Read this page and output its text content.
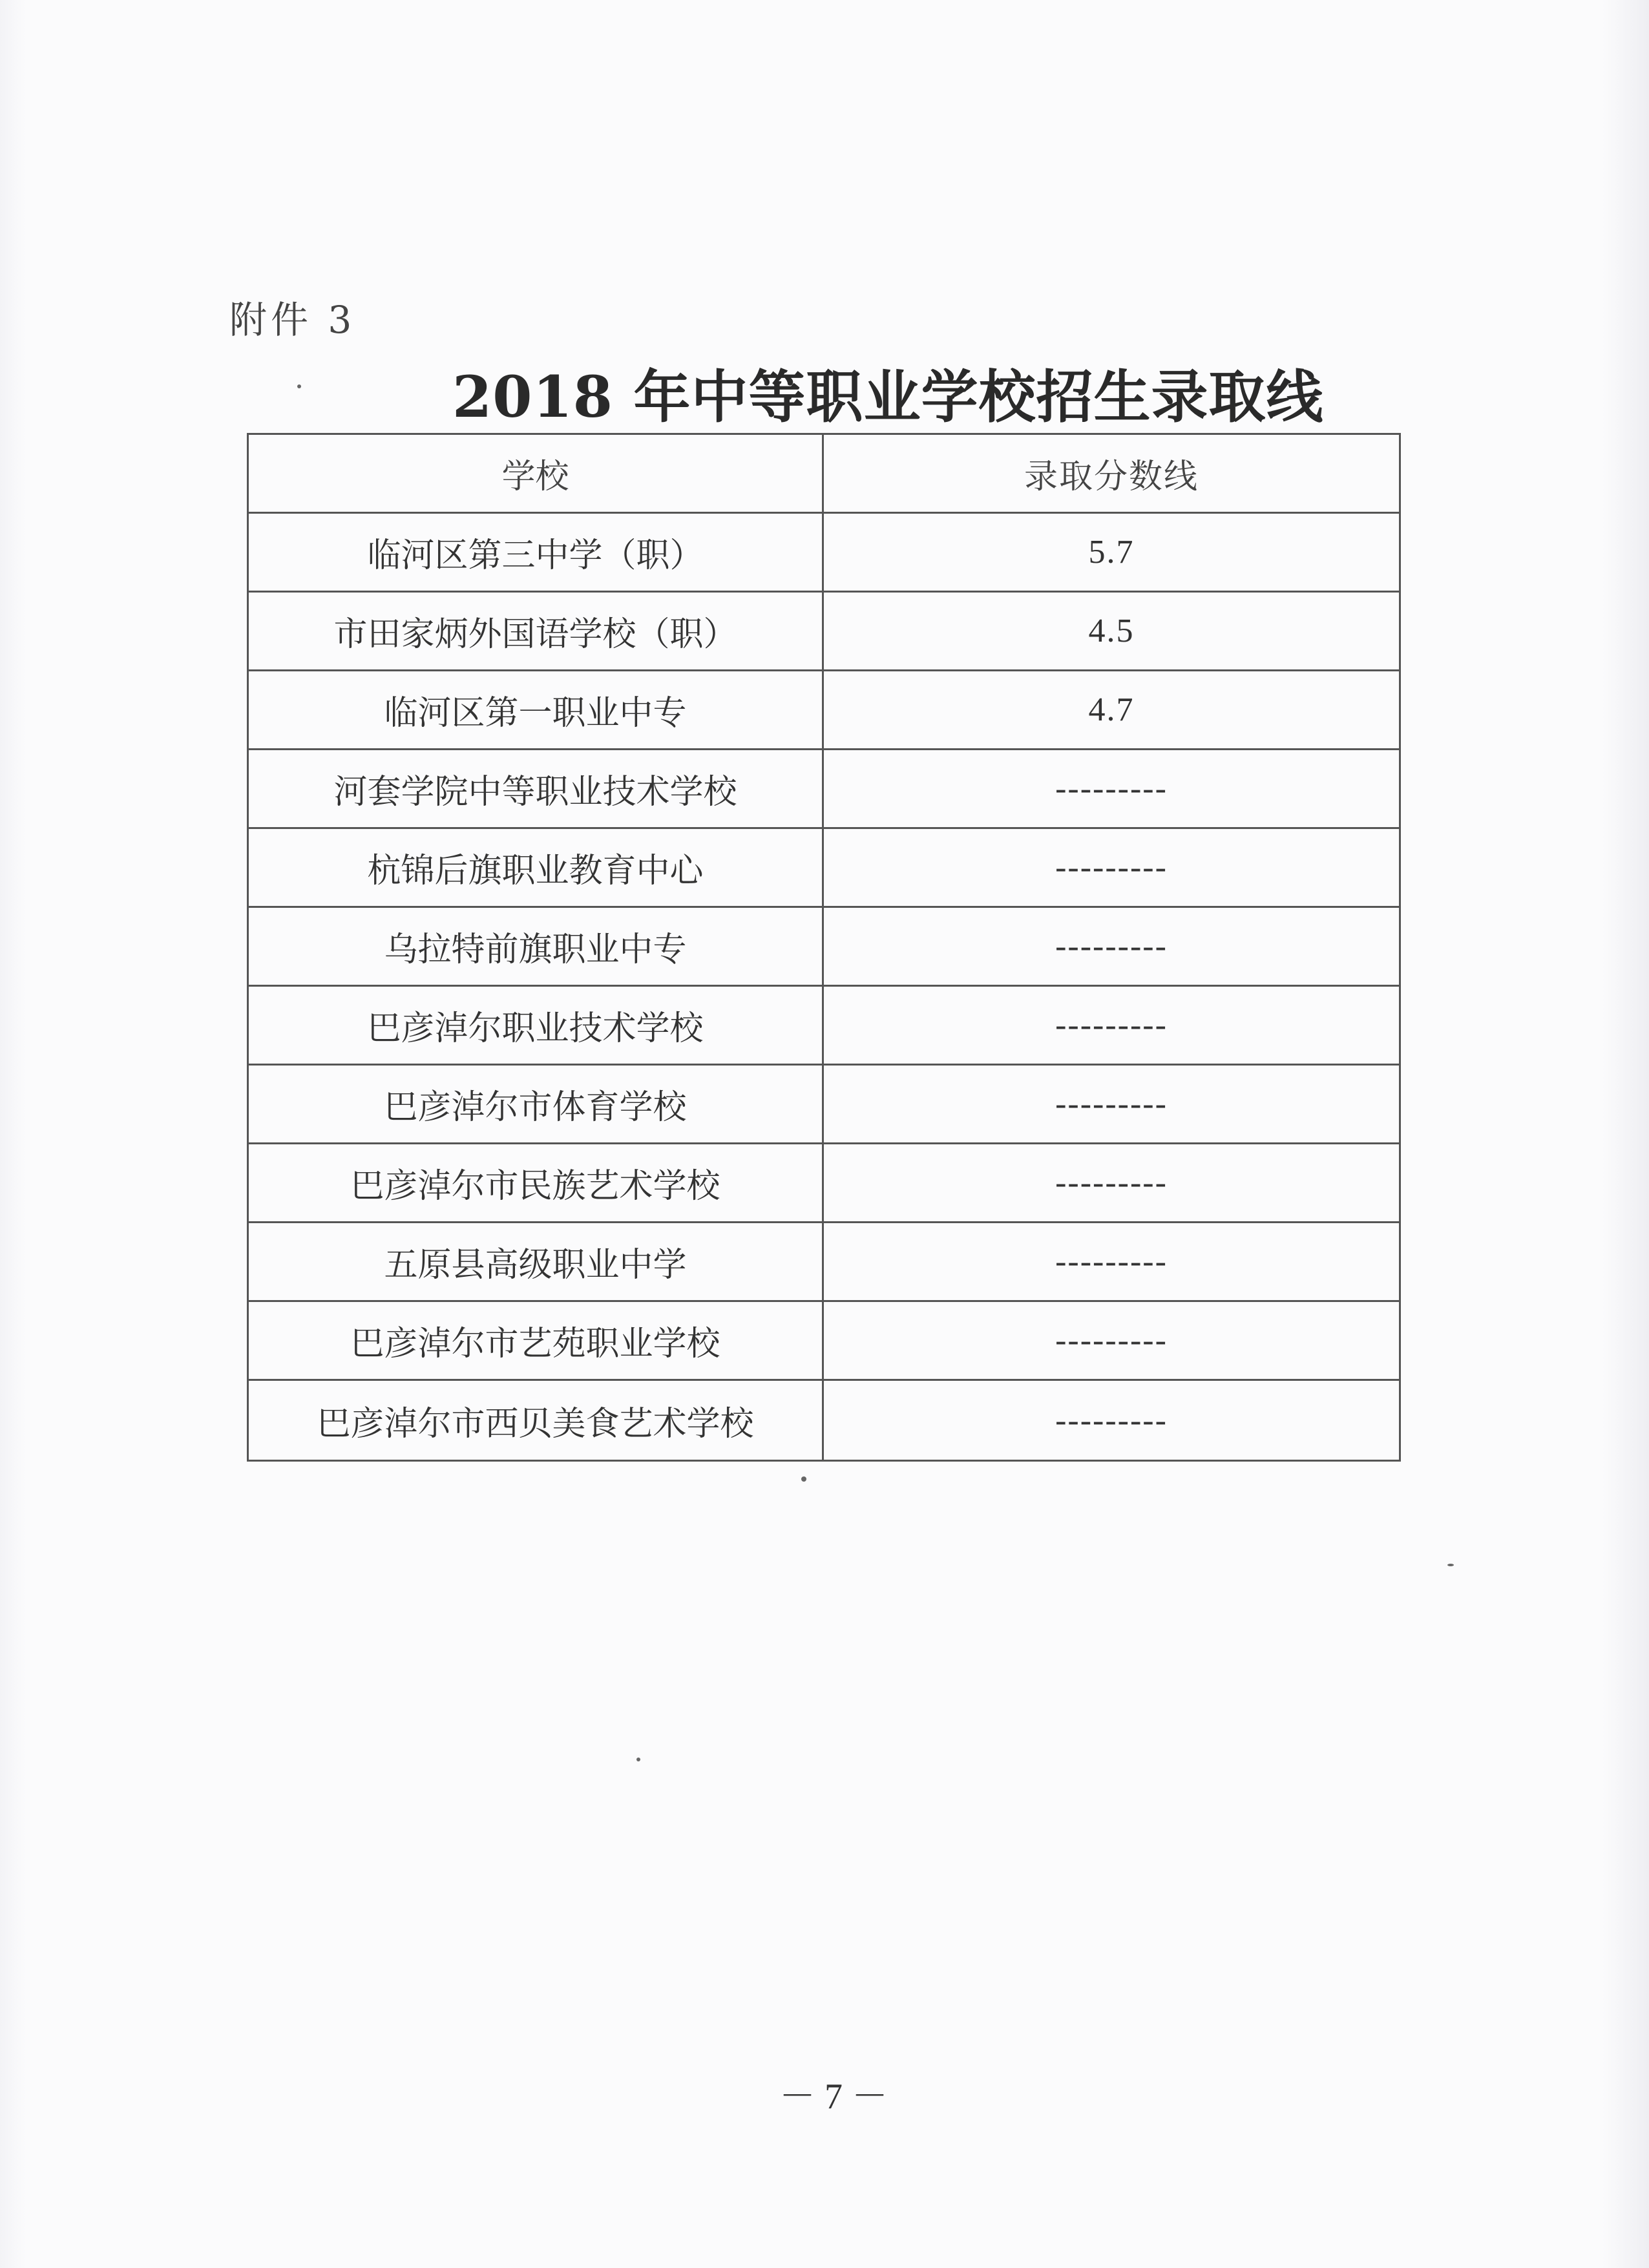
附件 3
2018 年中等职业学校招生录取线
学校	录取分数线
临河区第三中学（职）	5.7
市田家炳外国语学校（职）	4.5
临河区第一职业中专	4.7
河套学院中等职业技术学校	---------
杭锦后旗职业教育中心	---------
乌拉特前旗职业中专	---------
巴彦淖尔职业技术学校	---------
巴彦淖尔市体育学校	---------
巴彦淖尔市民族艺术学校	---------
五原县高级职业中学	---------
巴彦淖尔市艺苑职业学校	---------
巴彦淖尔市西贝美食艺术学校	---------
－ 7 －
